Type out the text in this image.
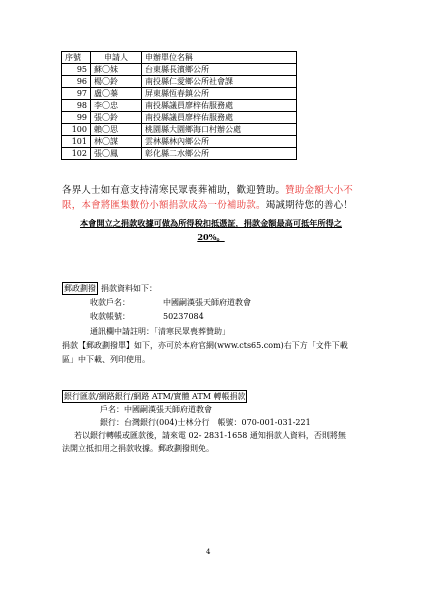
序號	申請人	申辦單位名稱
95	蘇〇妹	台東縣長濱鄉公所
96	楊〇鈴	南投縣仁愛鄉公所社會課
97	盧〇蓁	屏東縣恆春鎮公所
98	李〇忠	南投縣議員廖梓佑服務處
99	張〇鈴	南投縣議員廖梓佑服務處
100	賴〇思	桃園縣大園鄉海口村辦公處
101	林〇謀	雲林縣林內鄉公所
102	張〇鳳	彰化縣二水鄉公所
各界人士如有意支持清寒民眾喪葬補助，歡迎贊助。贊助金額大小不限，本會將匯集數份小額捐款成為一份補助款。竭誠期待您的善心！
本會開立之捐款收據可做為所得稅扣抵憑証，捐款金額最高可抵年所得之
20%。
郵政劃撥 捐款資料如下：
收款戶名：	中國嗣漢張天師府道教會
收款帳號：	50237084
通訊欄中請註明：「清寒民眾喪葬贊助」
捐款【郵政劃撥單】如下，亦可於本府官網(www.cts65.com)右下方「文件下載
區」中下載、列印使用。
銀行匯款/網路銀行/網路 ATM/實體 ATM 轉帳捐款
戶名：中國嗣漢張天師府道教會
銀行：台灣銀行(004)士林分行　帳號：070-001-031-221
若以銀行轉帳或匯款後，請來電 02- 2831-1658 通知捐款人資料，否則將無
法開立抵扣用之捐款收據。郵政劃撥則免。
4
